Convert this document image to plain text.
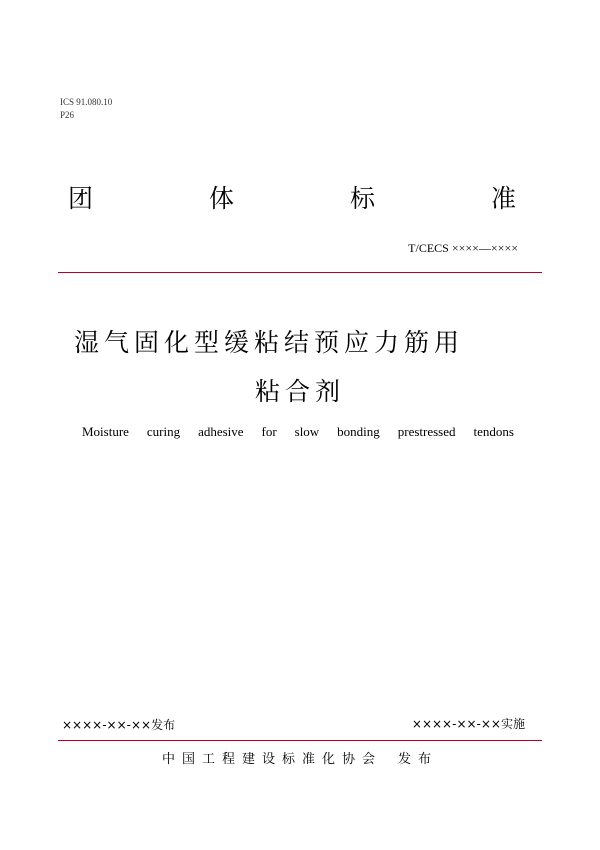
ICS 91.080.10
P26
团	体	标	准
T/CECS ××××—××××
湿气固化型缓粘结预应力筋用
粘合剂
Moisture curing adhesive for slow bonding prestressed tendons
××××-××-××发布	××××-××-××实施
中国工程建设标准化协会 发布
